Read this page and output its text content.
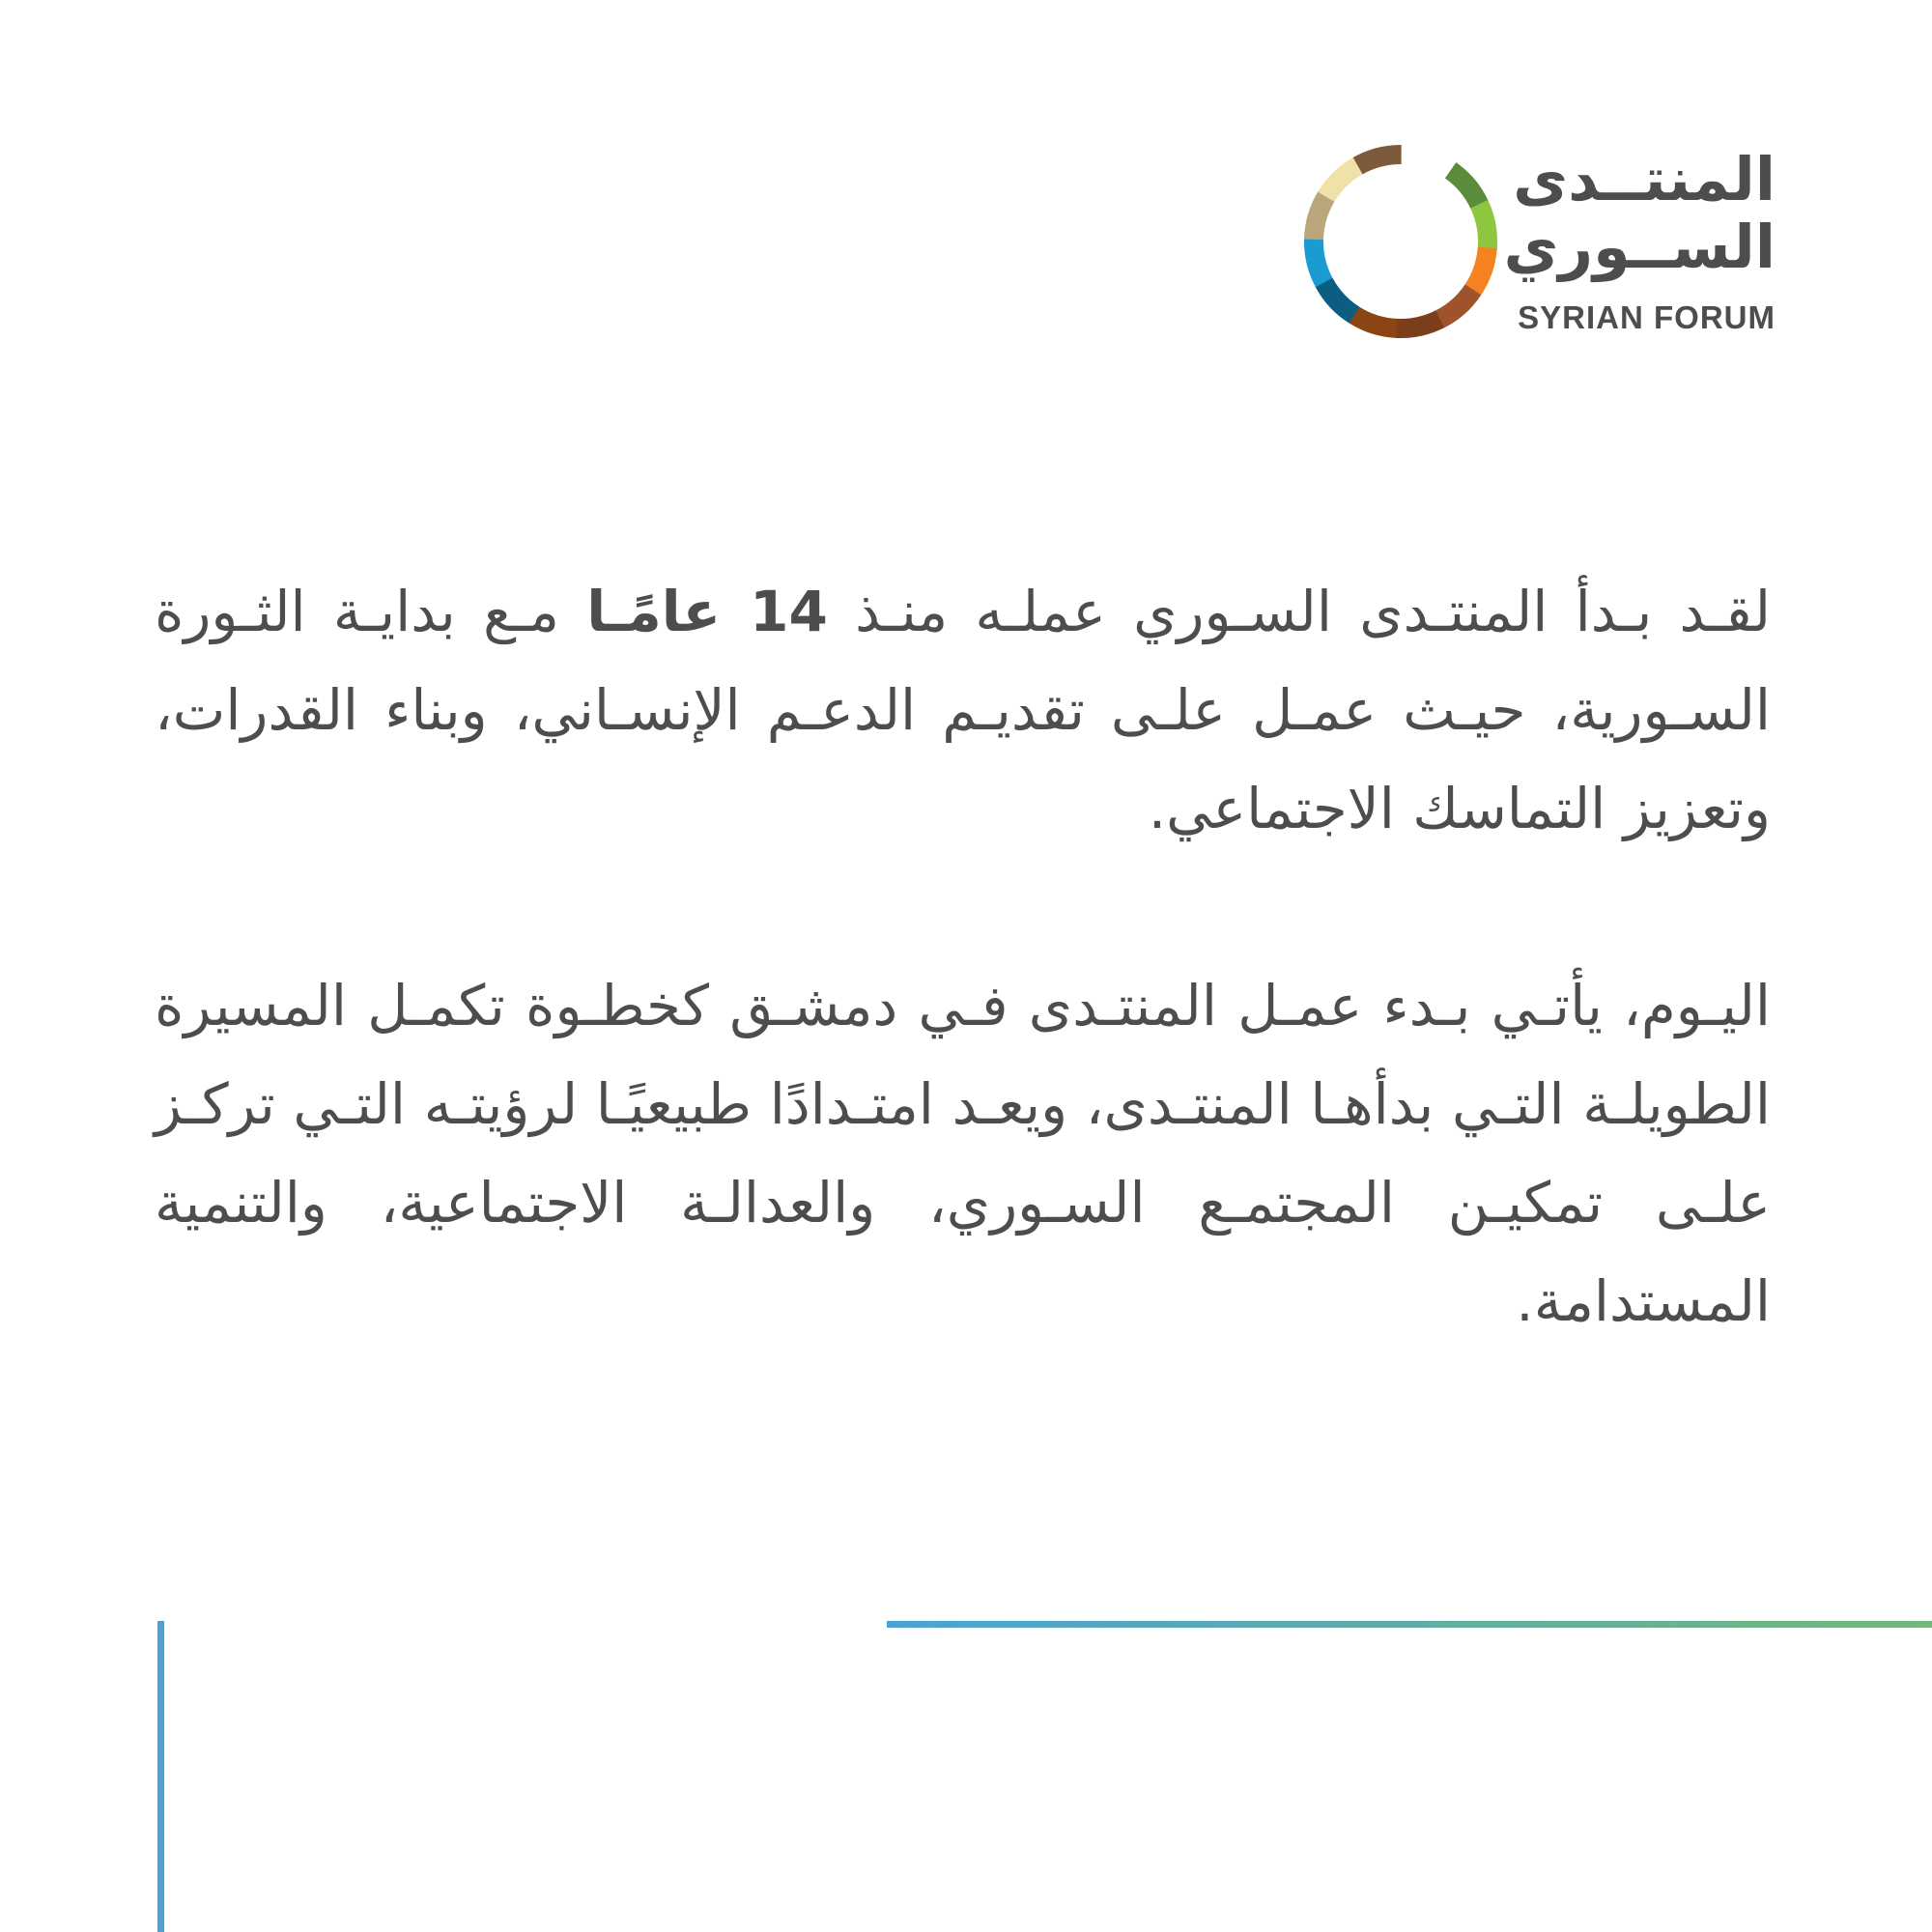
المنتــدى
الســوري
SYRIAN FORUM

لقـد بـدأ المنتـدى السـوري عملـه منـذ 14 عامًـا مـع بدايـة الثـورة السـورية، حيـث عمـل علـى تقديـم الدعـم الإنسـاني، وبناء القدرات، وتعزيز التماسك الاجتماعي.

اليـوم، يأتـي بـدء عمـل المنتـدى فـي دمشـق كخطـوة تكمـل المسيرة الطويلـة التـي بدأهـا المنتـدى، ويعـد امتـدادًا طبيعيًـا لرؤيتـه التـي تركـز علـى تمكيـن المجتمـع السـوري، والعدالـة الاجتماعية، والتنمية المستدامة.
